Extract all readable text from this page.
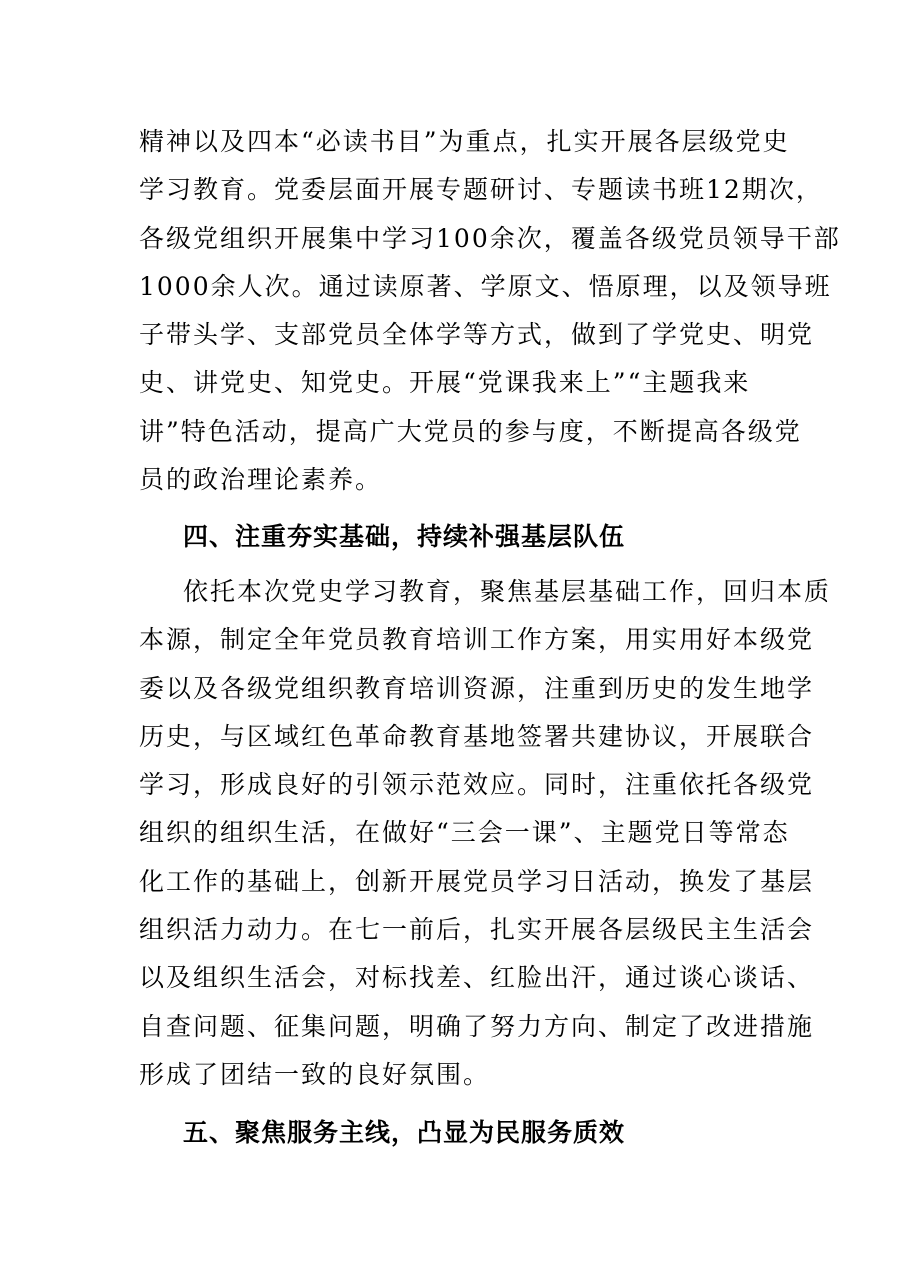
精神以及四本“必读书目”为重点，扎实开展各层级党史
学习教育。党委层面开展专题研讨、专题读书班12期次，
各级党组织开展集中学习100余次，覆盖各级党员领导干部
1000余人次。通过读原著、学原文、悟原理，以及领导班
子带头学、支部党员全体学等方式，做到了学党史、明党
史、讲党史、知党史。开展“党课我来上”“主题我来
讲”特色活动，提高广大党员的参与度，不断提高各级党
员的政治理论素养。
四、注重夯实基础，持续补强基层队伍
依托本次党史学习教育，聚焦基层基础工作，回归本质
本源，制定全年党员教育培训工作方案，用实用好本级党
委以及各级党组织教育培训资源，注重到历史的发生地学
历史，与区域红色革命教育基地签署共建协议，开展联合
学习，形成良好的引领示范效应。同时，注重依托各级党
组织的组织生活，在做好“三会一课”、主题党日等常态
化工作的基础上，创新开展党员学习日活动，换发了基层
组织活力动力。在七一前后，扎实开展各层级民主生活会
以及组织生活会，对标找差、红脸出汗，通过谈心谈话、
自查问题、征集问题，明确了努力方向、制定了改进措施
形成了团结一致的良好氛围。
五、聚焦服务主线，凸显为民服务质效
